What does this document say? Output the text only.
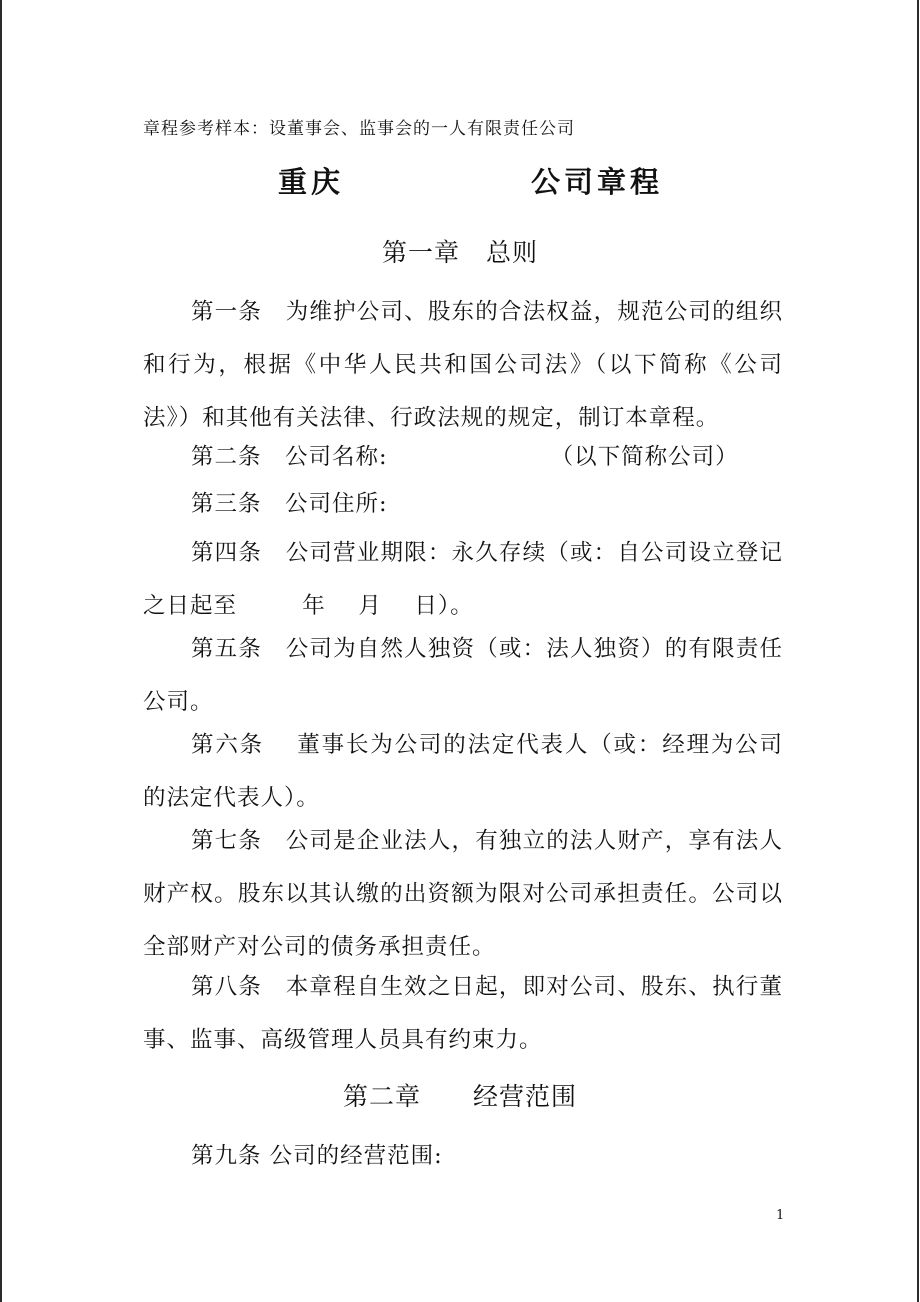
章程参考样本：设董事会、监事会的一人有限责任公司
重庆	公司章程
第一章　总则
第一条　为维护公司、股东的合法权益，规范公司的组织和行为，根据《中华人民共和国公司法》（以下简称《公司法》）和其他有关法律、行政法规的规定，制订本章程。
第二条　公司名称:                    （以下简称公司）
第三条　公司住所:
第四条　公司营业期限：永久存续（或：自公司设立登记之日起至        年    月    日）。
第五条　公司为自然人独资（或：法人独资）的有限责任公司。
第六条　 董事长为公司的法定代表人（或：经理为公司的法定代表人）。
第七条　公司是企业法人，有独立的法人财产，享有法人财产权。股东以其认缴的出资额为限对公司承担责任。公司以全部财产对公司的债务承担责任。
第八条　本章程自生效之日起，即对公司、股东、执行董事、监事、高级管理人员具有约束力。
第二章　　经营范围
第九条 公司的经营范围:
1
